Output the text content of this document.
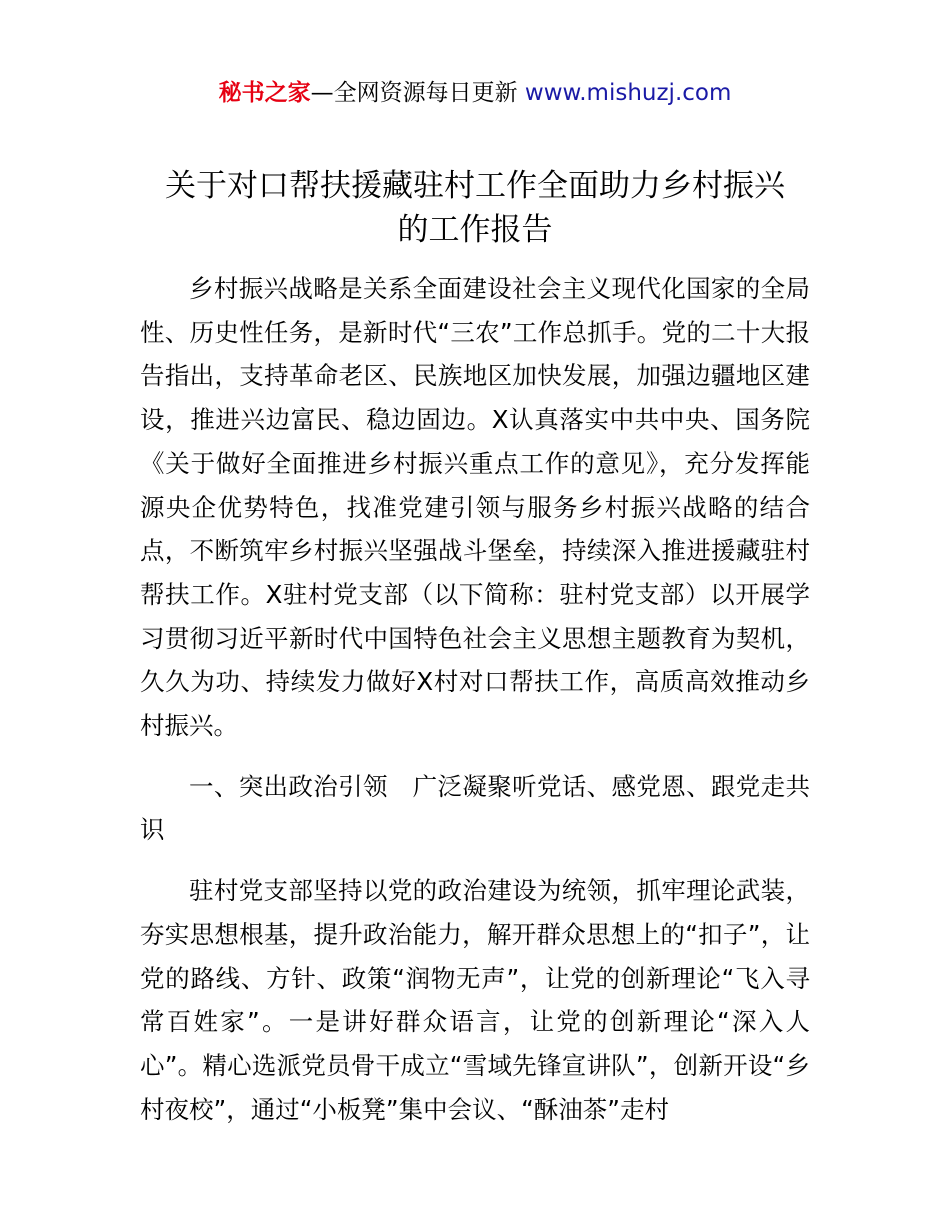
秘书之家—全网资源每日更新 www.mishuzj.com
关于对口帮扶援藏驻村工作全面助力乡村振兴
的工作报告

乡村振兴战略是关系全面建设社会主义现代化国家的全局性、历史性任务，是新时代“三农”工作总抓手。党的二十大报告指出，支持革命老区、民族地区加快发展，加强边疆地区建设，推进兴边富民、稳边固边。X认真落实中共中央、国务院《关于做好全面推进乡村振兴重点工作的意见》，充分发挥能源央企优势特色，找准党建引领与服务乡村振兴战略的结合点，不断筑牢乡村振兴坚强战斗堡垒，持续深入推进援藏驻村帮扶工作。X驻村党支部（以下简称：驻村党支部）以开展学习贯彻习近平新时代中国特色社会主义思想主题教育为契机，久久为功、持续发力做好X村对口帮扶工作，高质高效推动乡村振兴。

一、突出政治引领　广泛凝聚听党话、感党恩、跟党走共识

驻村党支部坚持以党的政治建设为统领，抓牢理论武装，夯实思想根基，提升政治能力，解开群众思想上的“扣子”，让党的路线、方针、政策“润物无声”，让党的创新理论“飞入寻常百姓家”。一是讲好群众语言，让党的创新理论“深入人心”。精心选派党员骨干成立“雪域先锋宣讲队”，创新开设“乡村夜校”，通过“小板凳”集中会议、“酥油茶”走村
